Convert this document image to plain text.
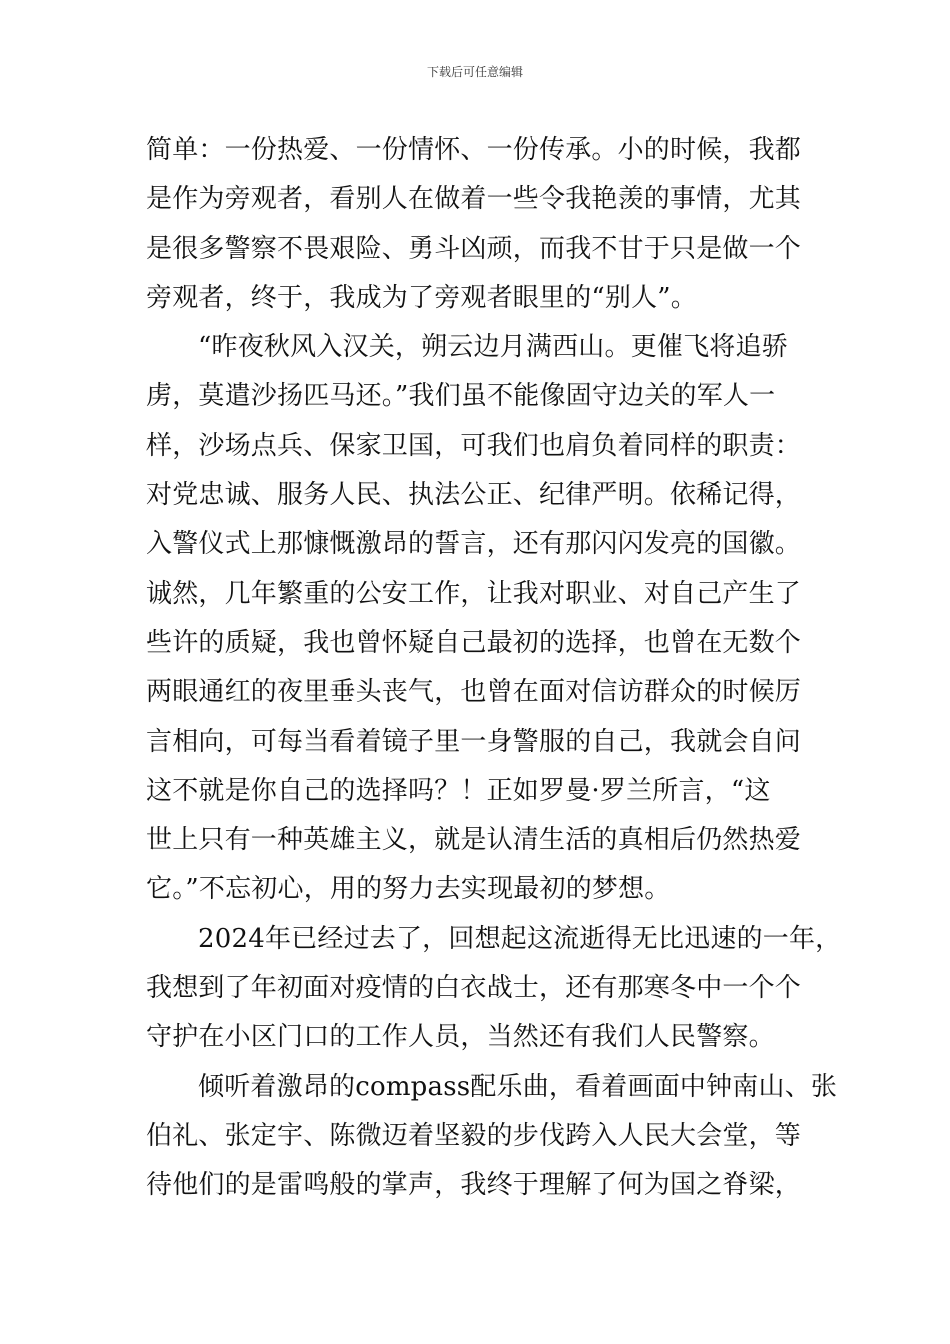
下载后可任意编辑
简单：一份热爱、一份情怀、一份传承。小的时候，我都
是作为旁观者，看别人在做着一些令我艳羡的事情，尤其
是很多警察不畏艰险、勇斗凶顽，而我不甘于只是做一个
旁观者，终于，我成为了旁观者眼里的“别人”。
“昨夜秋风入汉关，朔云边月满西山。更催飞将追骄
虏，莫遣沙扬匹马还。”我们虽不能像固守边关的军人一
样，沙场点兵、保家卫国，可我们也肩负着同样的职责：
对党忠诚、服务人民、执法公正、纪律严明。依稀记得，
入警仪式上那慷慨激昂的誓言，还有那闪闪发亮的国徽。
诚然，几年繁重的公安工作，让我对职业、对自己产生了
些许的质疑，我也曾怀疑自己最初的选择，也曾在无数个
两眼通红的夜里垂头丧气，也曾在面对信访群众的时候厉
言相向，可每当看着镜子里一身警服的自己，我就会自问
这不就是你自己的选择吗？！正如罗曼·罗兰所言，“这
世上只有一种英雄主义，就是认清生活的真相后仍然热爱
它。”不忘初心，用的努力去实现最初的梦想。
2024年已经过去了，回想起这流逝得无比迅速的一年，
我想到了年初面对疫情的白衣战士，还有那寒冬中一个个
守护在小区门口的工作人员，当然还有我们人民警察。
倾听着激昂的compass配乐曲，看着画面中钟南山、张
伯礼、张定宇、陈微迈着坚毅的步伐跨入人民大会堂，等
待他们的是雷鸣般的掌声，我终于理解了何为国之脊梁，
